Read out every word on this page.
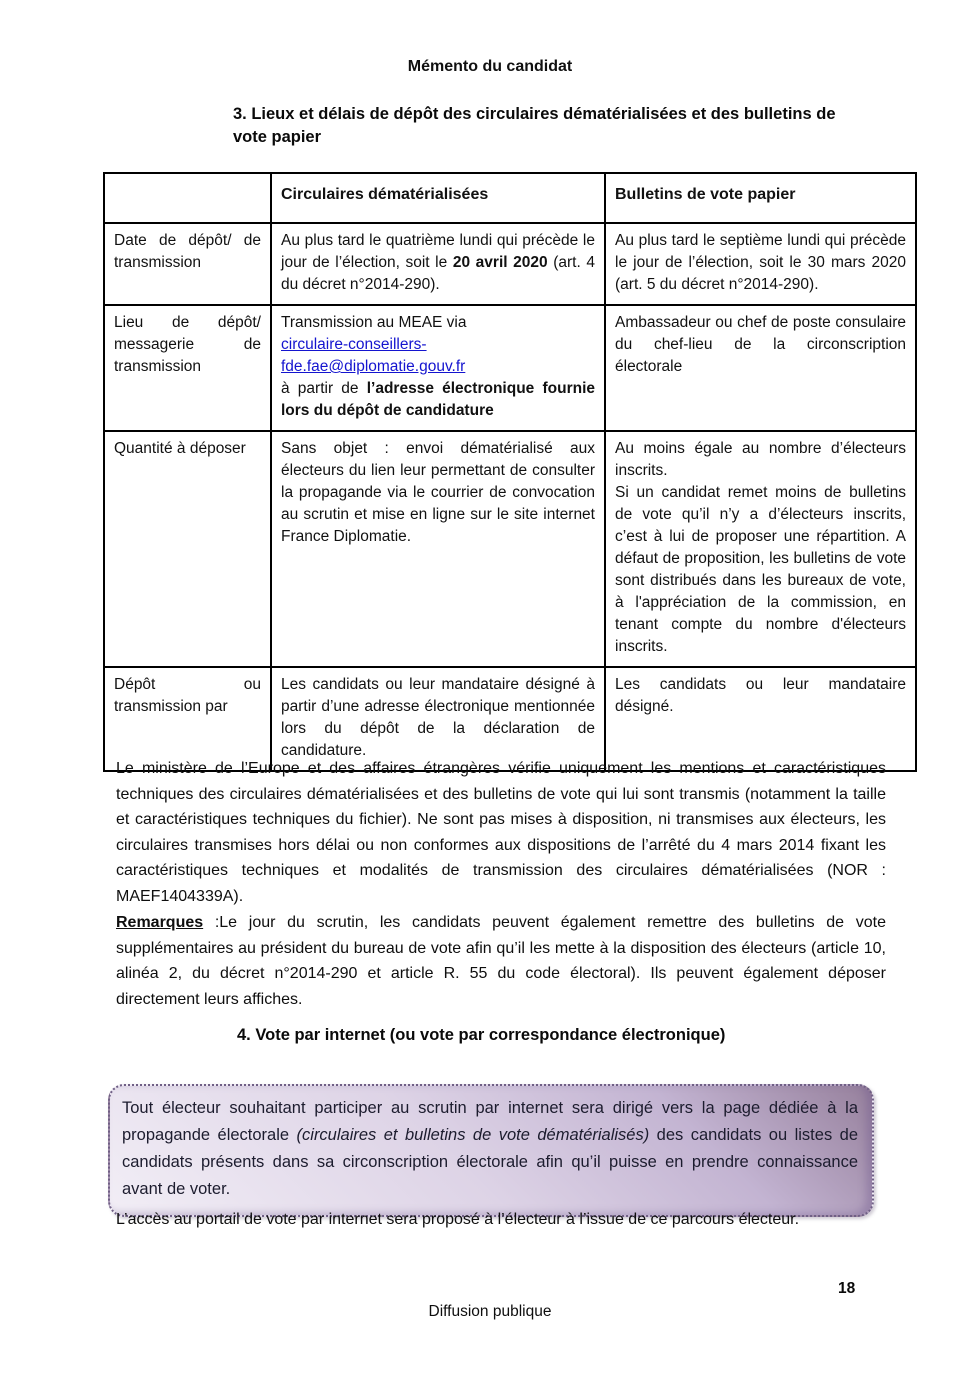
Mémento du candidat
3. Lieux et délais de dépôt des circulaires dématérialisées et des bulletins de vote papier
	Circulaires dématérialisées	Bulletins de vote papier
Date de dépôt/ de transmission	Au plus tard le quatrième lundi qui précède le jour de l’élection, soit le 20 avril 2020 (art. 4 du décret n°2014-290).	Au plus tard le septième lundi qui précède le jour de l’élection, soit le 30 mars 2020 (art. 5 du décret n°2014-290).
Lieu de dépôt/ messagerie de transmission	Transmission au MEAE via
circulaire-conseillers-fde.fae@diplomatie.gouv.fr
à partir de l’adresse électronique fournie lors du dépôt de candidature	Ambassadeur ou chef de poste consulaire du chef-lieu de la circonscription électorale
Quantité à déposer	Sans objet : envoi dématérialisé aux électeurs du lien leur permettant de consulter la propagande via le courrier de convocation au scrutin et mise en ligne sur le site internet France Diplomatie.	Au moins égale au nombre d’électeurs inscrits.
Si un candidat remet moins de bulletins de vote qu’il n’y a d’électeurs inscrits, c’est à lui de proposer une répartition. A défaut de proposition, les bulletins de vote sont distribués dans les bureaux de vote, à l'appréciation de la commission, en tenant compte du nombre d'électeurs inscrits.

Dépôt ou transmission par	Les candidats ou leur mandataire désigné à partir d’une adresse électronique mentionnée lors du dépôt de la déclaration de candidature.	Les candidats ou leur mandataire désigné.
Le ministère de l’Europe et des affaires étrangères vérifie uniquement les mentions et caractéristiques techniques des circulaires dématérialisées et des bulletins de vote qui lui sont transmis (notamment la taille et caractéristiques techniques du fichier). Ne sont pas mises à disposition, ni transmises aux électeurs, les circulaires transmises hors délai ou non conformes aux dispositions de l’arrêté du 4 mars 2014 fixant les caractéristiques techniques et modalités de transmission des circulaires dématérialisées (NOR : MAEF1404339A).
Remarques :Le jour du scrutin, les candidats peuvent également remettre des bulletins de vote supplémentaires au président du bureau de vote afin qu’il les mette à la disposition des électeurs (article 10, alinéa 2, du décret n°2014-290 et article R. 55 du code électoral). Ils peuvent également déposer directement leurs affiches.
4. Vote par internet (ou vote par correspondance électronique)
Tout électeur souhaitant participer au scrutin par internet sera dirigé vers la page dédiée à la propagande électorale (circulaires et bulletins de vote dématérialisés) des candidats ou listes de candidats présents dans sa circonscription électorale afin qu’il puisse en prendre connaissance avant de voter.
L’accès au portail de vote par internet sera proposé à l’électeur à l’issue de ce parcours électeur.
18
Diffusion publique
